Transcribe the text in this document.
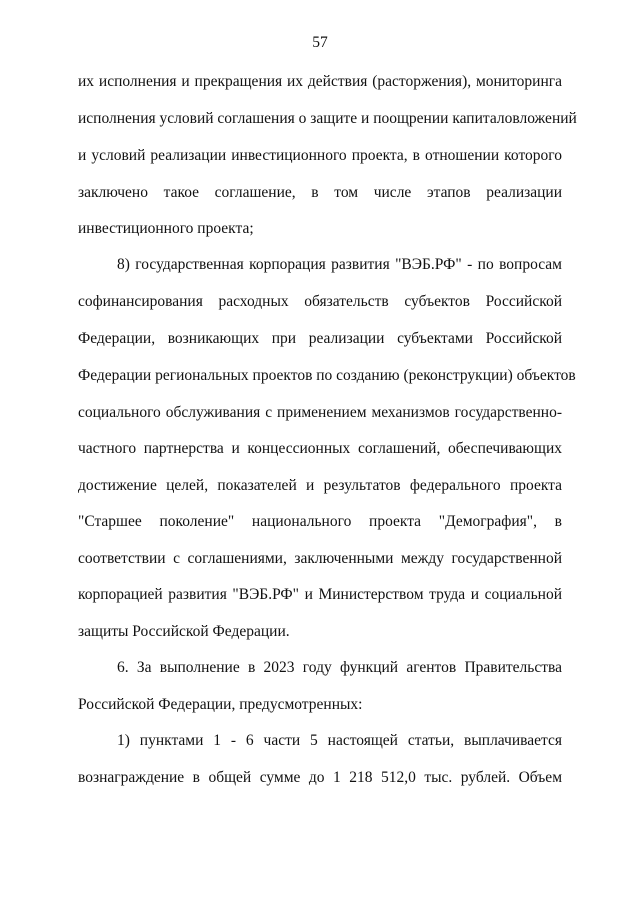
57
их исполнения и прекращения их действия (расторжения), мониторинга
исполнения условий соглашения о защите и поощрении капиталовложений
и условий реализации инвестиционного проекта, в отношении которого
заключено такое соглашение, в том числе этапов реализации
инвестиционного проекта;
8) государственная корпорация развития "ВЭБ.РФ" - по вопросам
софинансирования расходных обязательств субъектов Российской
Федерации, возникающих при реализации субъектами Российской
Федерации региональных проектов по созданию (реконструкции) объектов
социального обслуживания с применением механизмов государственно-
частного партнерства и концессионных соглашений, обеспечивающих
достижение целей, показателей и результатов федерального проекта
"Старшее поколение" национального проекта "Демография", в
соответствии с соглашениями, заключенными между государственной
корпорацией развития "ВЭБ.РФ" и Министерством труда и социальной
защиты Российской Федерации.
6. За выполнение в 2023 году функций агентов Правительства
Российской Федерации, предусмотренных:
1) пунктами 1 - 6 части 5 настоящей статьи, выплачивается
вознаграждение в общей сумме до 1 218 512,0 тыс. рублей. Объем
